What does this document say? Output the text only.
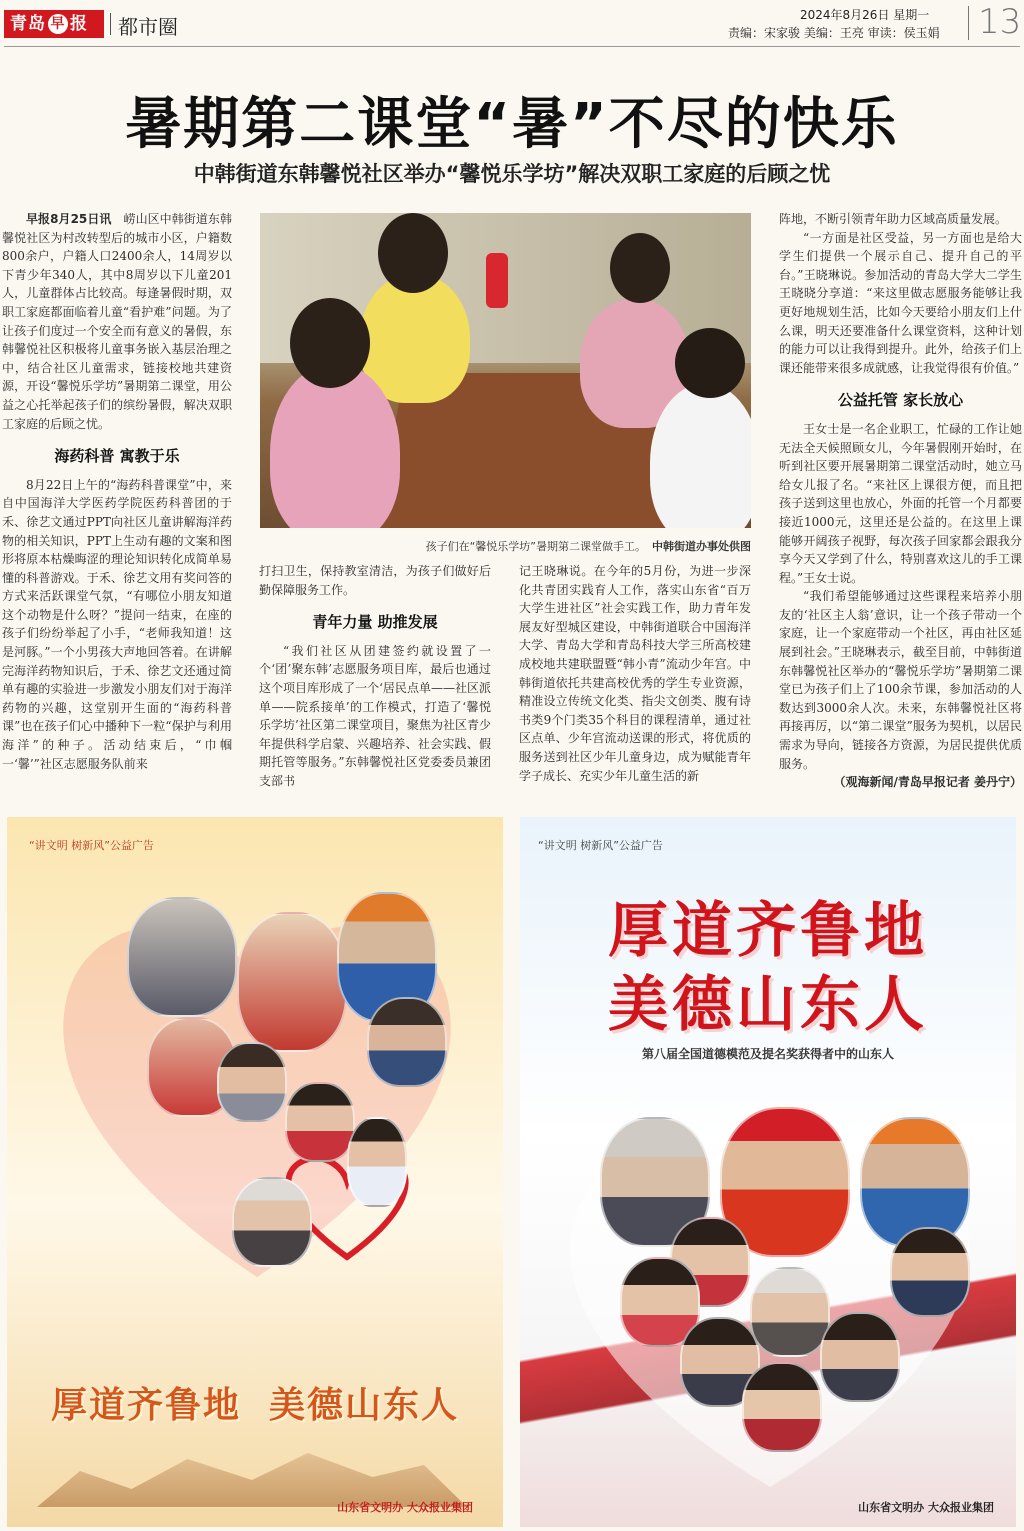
青岛 早 报	都市圈	2024年8月26日 星期一
责编：宋家骏 美编：王亮 审读：侯玉娟 13
暑期第二课堂“暑”不尽的快乐
中韩街道东韩馨悦社区举办“馨悦乐学坊”解决双职工家庭的后顾之忧

早报8月25日讯  崂山区中韩街道东韩馨悦社区为村改转型后的城市小区，户籍数800余户，户籍人口2400余人，14周岁以下青少年340人，其中8周岁以下儿童201人，儿童群体占比较高。每逢暑假时期，双职工家庭都面临着儿童“看护难”问题。为了让孩子们度过一个安全而有意义的暑假，东韩馨悦社区积极将儿童事务嵌入基层治理之中，结合社区儿童需求，链接校地共建资源，开设“馨悦乐学坊”暑期第二课堂，用公益之心托举起孩子们的缤纷暑假，解决双职工家庭的后顾之忧。

海药科普 寓教于乐

8月22日上午的“海药科普课堂”中，来自中国海洋大学医药学院医药科普团的于禾、徐艺文通过PPT向社区儿童讲解海洋药物的相关知识，PPT上生动有趣的文案和图形将原本枯燥晦涩的理论知识转化成简单易懂的科普游戏。于禾、徐艺文用有奖问答的方式来活跃课堂气氛，“有哪位小朋友知道这个动物是什么呀？”提问一结束，在座的孩子们纷纷举起了小手，“老师我知道！这是河豚。”一个小男孩大声地回答着。在讲解完海洋药物知识后，于禾、徐艺文还通过简单有趣的实验进一步激发小朋友们对于海洋药物的兴趣，这堂别开生面的“海药科普课”也在孩子们心中播种下一粒“保护与利用海洋”的种子。活动结束后，“巾帼一‘馨’”社区志愿服务队前来

孩子们在“馨悦乐学坊”暑期第二课堂做手工。 中韩街道办事处供图

打扫卫生，保持教室清洁，为孩子们做好后勤保障服务工作。

青年力量 助推发展

“我们社区从团建签约就设置了一个‘团’聚东韩’志愿服务项目库，最后也通过这个项目库形成了一个‘居民点单——社区派单——院系接单’的工作模式，打造了‘馨悦乐学坊’社区第二课堂项目，聚焦为社区青少年提供科学启蒙、兴趣培养、社会实践、假期托管等服务。”东韩馨悦社区党委委员兼团支部书

记王晓琳说。在今年的5月份，为进一步深化共青团实践育人工作，落实山东省“百万大学生进社区”社会实践工作，助力青年发展友好型城区建设，中韩街道联合中国海洋大学、青岛大学和青岛科技大学三所高校建成校地共建联盟暨“韩小青”流动少年宫。中韩街道依托共建高校优秀的学生专业资源，精准设立传统文化类、指尖文创类、腹有诗书类9个门类35个科目的课程清单，通过社区点单、少年宫流动送课的形式，将优质的服务送到社区少年儿童身边，成为赋能青年学子成长、充实少年儿童生活的新

阵地，不断引领青年助力区域高质量发展。

“一方面是社区受益，另一方面也是给大学生们提供一个展示自己、提升自己的平台。”王晓琳说。参加活动的青岛大学大二学生王晓晓分享道：“来这里做志愿服务能够让我更好地规划生活，比如今天要给小朋友们上什么课，明天还要准备什么课堂资料，这种计划的能力可以让我得到提升。此外，给孩子们上课还能带来很多成就感，让我觉得很有价值。”

公益托管 家长放心

王女士是一名企业职工，忙碌的工作让她无法全天候照顾女儿，今年暑假刚开始时，在听到社区要开展暑期第二课堂活动时，她立马给女儿报了名。“来社区上课很方便，而且把孩子送到这里也放心，外面的托管一个月都要接近1000元，这里还是公益的。在这里上课能够开阔孩子视野，每次孩子回家都会跟我分享今天又学到了什么，特别喜欢这儿的手工课程。”王女士说。

“我们希望能够通过这些课程来培养小朋友的‘社区主人翁’意识，让一个孩子带动一个家庭，让一个家庭带动一个社区，再由社区延展到社会。”王晓琳表示，截至目前，中韩街道东韩馨悦社区举办的“馨悦乐学坊”暑期第二课堂已为孩子们上了100余节课，参加活动的人数达到3000余人次。未来，东韩馨悦社区将再接再厉，以“第二课堂”服务为契机，以居民需求为导向，链接各方资源，为居民提供优质服务。

（观海新闻/青岛早报记者 姜丹宁）

“讲文明 树新风”公益广告
厚道齐鲁地 美德山东人
山东省文明办 大众报业集团
“讲文明 树新风”公益广告
厚道齐鲁地
美德山东人
第八届全国道德模范及提名奖获得者中的山东人
山东省文明办 大众报业集团
